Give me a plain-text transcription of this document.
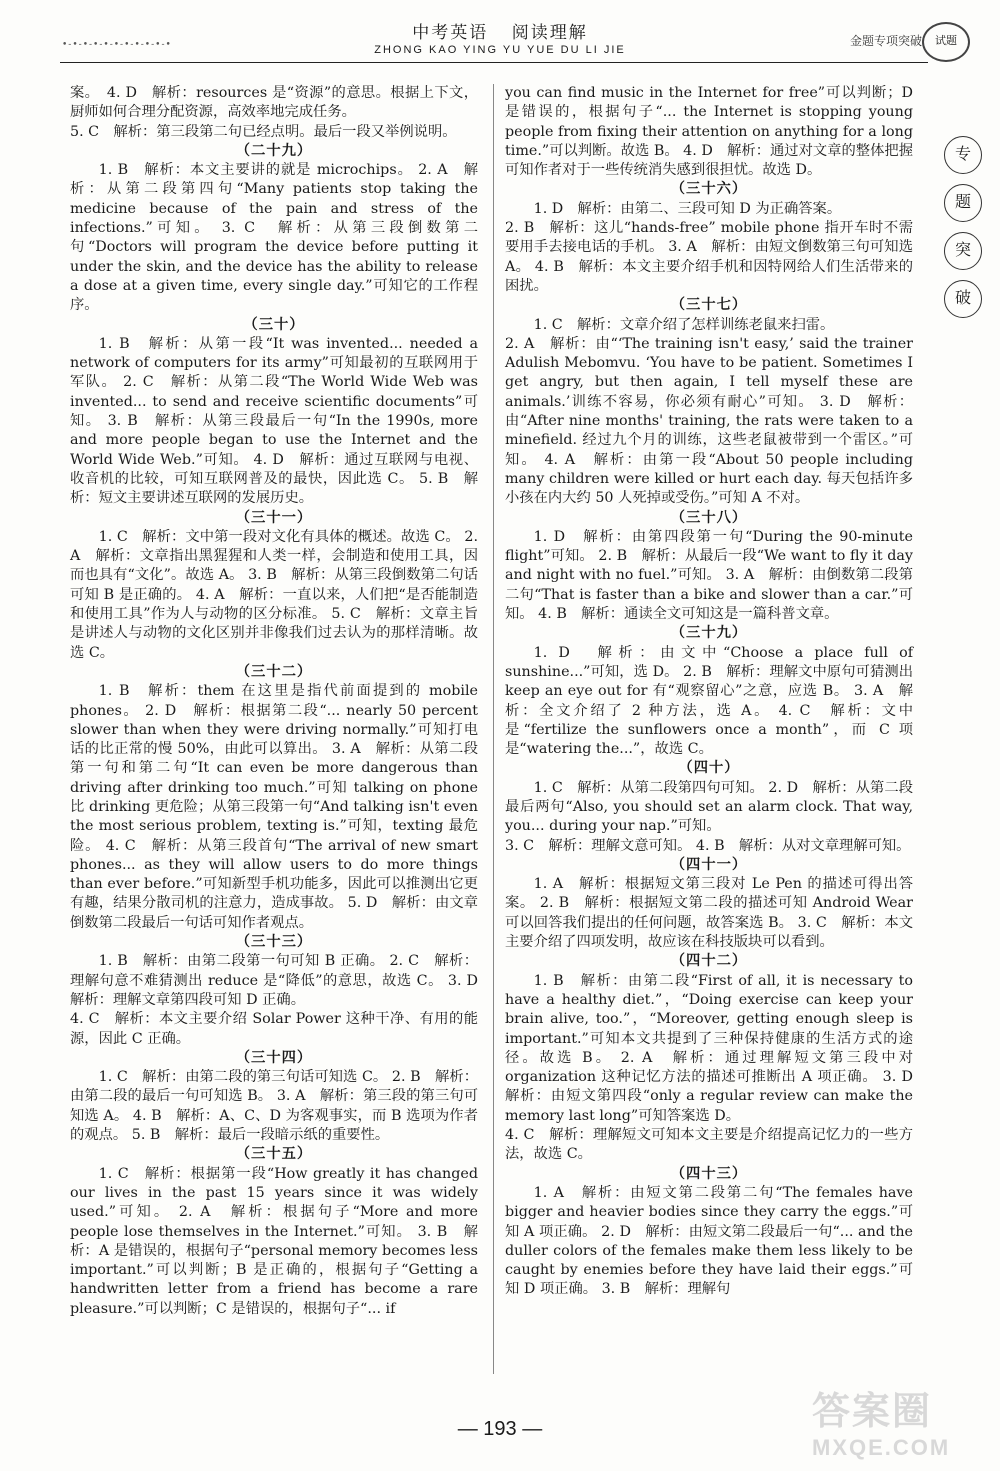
•-•-•-•-•-•-•-•-•-•-•
中考英语 阅读理解	金题专项突破
ZHONG KAO YING YU YUE DU LI JIE
试题
专
题
突
破

案。　4. D　解析：resources 是“资源”的意思。根据上下文，厨师如何合理分配资源，高效率地完成任务。

5. C　解析：第三段第二句已经点明。最后一段又举例说明。

（二十九）

1. B　解析：本文主要讲的就是 microchips。 2. A　解析：从第二段第四句“Many patients stop taking the medicine because of the pain and stress of the infections.”可知。 3. C　解析：从第三段倒数第二句“Doctors will program the device before putting it under the skin, and the device has the ability to release a dose at a given time, every single day.”可知它的工作程序。

（三十）

1. B　解析：从第一段“It was invented... needed a network of computers for its army”可知最初的互联网用于军队。 2. C　解析：从第二段“The World Wide Web was invented... to send and receive scientific documents”可知。 3. B　解析：从第三段最后一句“In the 1990s, more and more people began to use the Internet and the World Wide Web.”可知。 4. D　解析：通过互联网与电视、收音机的比较，可知互联网普及的最快，因此选 C。 5. B　解析：短文主要讲述互联网的发展历史。

（三十一）

1. C　解析：文中第一段对文化有具体的概述。故选 C。 2. A　解析：文章指出黑猩猩和人类一样，会制造和使用工具，因而也具有“文化”。故选 A。 3. B　解析：从第三段倒数第二句话可知 B 是正确的。 4. A　解析：一直以来，人们把“是否能制造和使用工具”作为人与动物的区分标准。 5. C　解析：文章主旨是讲述人与动物的文化区别并非像我们过去认为的那样清晰。故选 C。

（三十二）

1. B　解析：them 在这里是指代前面提到的 mobile phones。 2. D　解析：根据第二段“... nearly 50 percent slower than when they were driving normally.”可知打电话的比正常的慢 50%，由此可以算出。 3. A　解析：从第二段第一句和第二句“It can even be more dangerous than driving after drinking too much.”可知 talking on phone 比 drinking 更危险；从第三段第一句“And talking isn't even the most serious problem, texting is.”可知，texting 最危险。 4. C　解析：从第三段首句“The arrival of new smart phones... as they will allow users to do more things than ever before.”可知新型手机功能多，因此可以推测出它更有趣，结果分散司机的注意力，造成事故。 5. D　解析：由文章倒数第二段最后一句话可知作者观点。

（三十三）

1. B　解析：由第二段第一句可知 B 正确。 2. C　解析：理解句意不难猜测出 reduce 是“降低”的意思，故选 C。 3. D　解析：理解文章第四段可知 D 正确。

4. C　解析：本文主要介绍 Solar Power 这种干净、有用的能源，因此 C 正确。

（三十四）

1. C　解析：由第二段的第三句话可知选 C。 2. B　解析：由第二段的最后一句可知选 B。 3. A　解析：第三段的第三句可知选 A。 4. B　解析：A、C、D 为客观事实，而 B 选项为作者的观点。 5. B　解析：最后一段暗示纸的重要性。

（三十五）

1. C　解析：根据第一段“How greatly it has changed our lives in the past 15 years since it was widely used.”可知。 2. A　解析：根据句子“More and more people lose themselves in the Internet.”可知。 3. B　解析：A 是错误的，根据句子“personal memory becomes less important.”可以判断；B 是正确的，根据句子“Getting a handwritten letter from a friend has become a rare pleasure.”可以判断；C 是错误的，根据句子“... if

you can find music in the Internet for free”可以判断；D 是错误的，根据句子“... the Internet is stopping young people from fixing their attention on anything for a long time.”可以判断。故选 B。 4. D　解析：通过对文章的整体把握可知作者对于一些传统消失感到很担忧。故选 D。

（三十六）

1. D　解析：由第二、三段可知 D 为正确答案。

2. B　解析：这儿“hands-free” mobile phone 指开车时不需要用手去接电话的手机。 3. A　解析：由短文倒数第三句可知选 A。 4. B　解析：本文主要介绍手机和因特网给人们生活带来的困扰。

（三十七）

1. C　解析：文章介绍了怎样训练老鼠来扫雷。

2. A　解析：由“‘The training isn't easy,’ said the trainer Adulish Mebomvu. ‘You have to be patient. Sometimes I get angry, but then again, I tell myself these are animals.’训练不容易，你必须有耐心”可知。 3. D　解析：由“After nine months' training, the rats were taken to a minefield. 经过九个月的训练，这些老鼠被带到一个雷区。”可知。 4. A　解析：由第一段“About 50 people including many children were killed or hurt each day. 每天包括许多小孩在内大约 50 人死掉或受伤。”可知 A 不对。

（三十八）

1. D　解析：由第四段第一句“During the 90-minute flight”可知。 2. B　解析：从最后一段“We want to fly it day and night with no fuel.”可知。 3. A　解析：由倒数第二段第二句“That is faster than a bike and slower than a car.”可知。 4. B　解析：通读全文可知这是一篇科普文章。

（三十九）

1. D　解析：由文中“Choose a place full of sunshine...”可知，选 D。 2. B　解析：理解文中原句可猜测出 keep an eye out for 有“观察留心”之意，应选 B。 3. A　解析：全文介绍了 2 种方法，选 A。 4. C　解析：文中是“fertilize the sunflowers once a month”，而 C 项是“watering the...”，故选 C。

（四十）

1. C　解析：从第二段第四句可知。 2. D　解析：从第二段最后两句“Also, you should set an alarm clock. That way, you... during your nap.”可知。

3. C　解析：理解文意可知。 4. B　解析：从对文章理解可知。

（四十一）

1. A　解析：根据短文第三段对 Le Pen 的描述可得出答案。 2. B　解析：根据短文第二段的描述可知 Android Wear 可以回答我们提出的任何问题，故答案选 B。 3. C　解析：本文主要介绍了四项发明，故应该在科技版块可以看到。

（四十二）

1. B　解析：由第二段“First of all, it is necessary to have a healthy diet.”，“Doing exercise can keep your brain alive, too.”，“Moreover, getting enough sleep is important.”可知本文共提到了三种保持健康的生活方式的途径。故选 B。 2. A　解析：通过理解短文第三段中对 organization 这种记忆方法的描述可推断出 A 项正确。 3. D　解析：由短文第四段“only a regular review can make the memory last long”可知答案选 D。

4. C　解析：理解短文可知本文主要是介绍提高记忆力的一些方法，故选 C。

（四十三）

1. A　解析：由短文第二段第二句“The females have bigger and heavier bodies since they carry the eggs.”可知 A 项正确。 2. D　解析：由短文第二段最后一句“... and the duller colors of the females make them less likely to be caught by enemies before they have laid their eggs.”可知 D 项正确。 3. B　解析：理解句

— 193 —	答案圈
MXQE.COM
